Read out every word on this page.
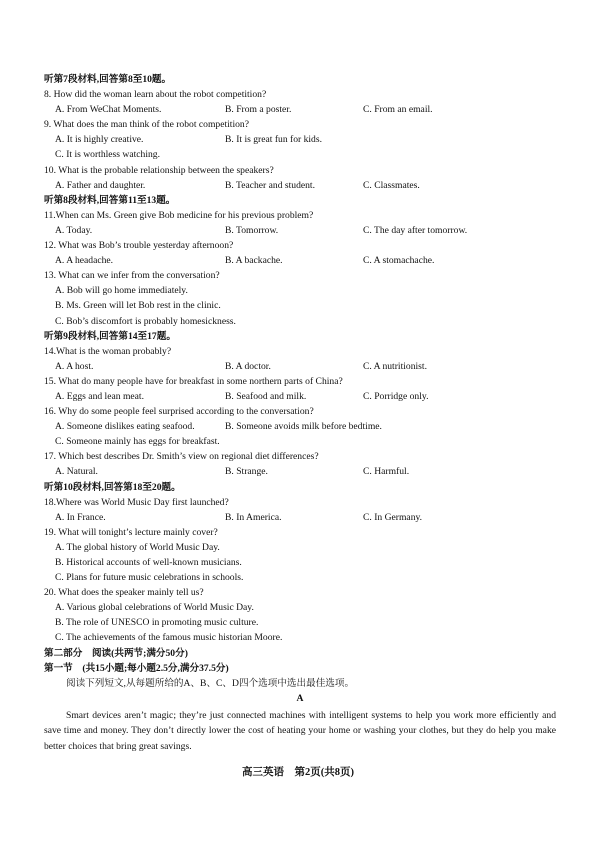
听第7段材料,回答第8至10题。
8. How did the woman learn about the robot competition?
A. From WeChat Moments.	B. From a poster.	C. From an email.
9. What does the man think of the robot competition?
A. It is highly creative.	B. It is great fun for kids.
C. It is worthless watching.
10. What is the probable relationship between the speakers?
A. Father and daughter.	B. Teacher and student.	C. Classmates.
听第8段材料,回答第11至13题。
11.When can Ms. Green give Bob medicine for his previous problem?
A. Today.	B. Tomorrow.	C. The day after tomorrow.
12. What was Bob’s trouble yesterday afternoon?
A. A headache.	B. A backache.	C. A stomachache.
13. What can we infer from the conversation?
A. Bob will go home immediately.
B. Ms. Green will let Bob rest in the clinic.
C. Bob’s discomfort is probably homesickness.
听第9段材料,回答第14至17题。
14.What is the woman probably?
A. A host.	B. A doctor.	C. A nutritionist.
15. What do many people have for breakfast in some northern parts of China?
A. Eggs and lean meat.	B. Seafood and milk.	C. Porridge only.
16. Why do some people feel surprised according to the conversation?
A. Someone dislikes eating seafood.	B. Someone avoids milk before bedtime.
C. Someone mainly has eggs for breakfast.
17. Which best describes Dr. Smith’s view on regional diet differences?
A. Natural.	B. Strange.	C. Harmful.
听第10段材料,回答第18至20题。
18.Where was World Music Day first launched?
A. In France.	B. In America.	C. In Germany.
19. What will tonight’s lecture mainly cover?
A. The global history of World Music Day.
B. Historical accounts of well-known musicians.
C. Plans for future music celebrations in schools.
20. What does the speaker mainly tell us?
A. Various global celebrations of World Music Day.
B. The role of UNESCO in promoting music culture.
C. The achievements of the famous music historian Moore.
第二部分　阅读(共两节;满分50分)
第一节　(共15小题;每小题2.5分,满分37.5分)
阅读下列短文,从每题所给的A、B、C、D四个选项中选出最佳选项。
A
Smart devices aren’t magic; they’re just connected machines with intelligent systems to help you work more efficiently and save time and money. They don’t directly lower the cost of heating your home or washing your clothes, but they do help you make better choices that bring great savings.
高三英语　第2页(共8页)
